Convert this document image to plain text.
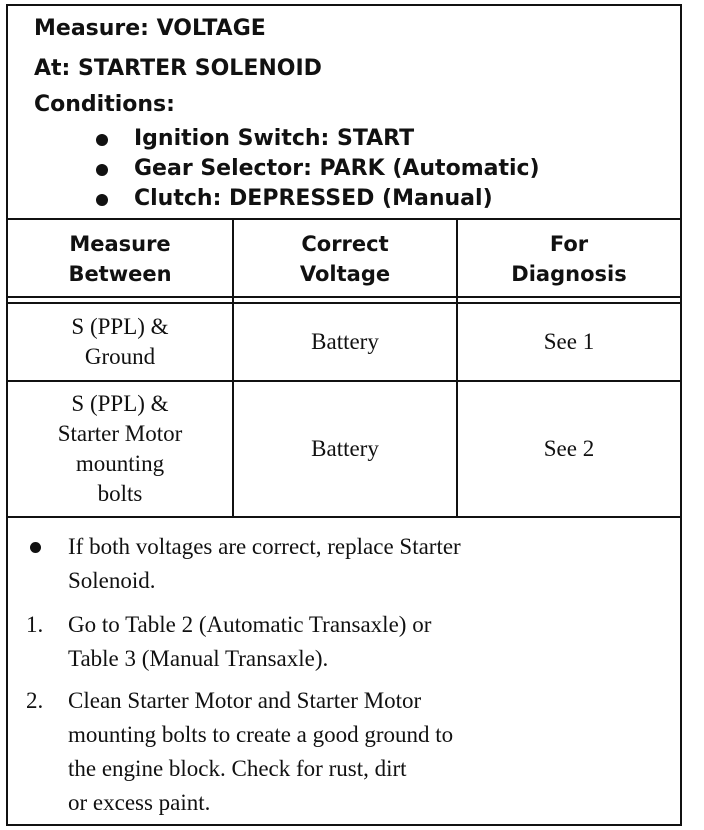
Measure: VOLTAGE
At: STARTER SOLENOID
Conditions:
Ignition Switch: START
Gear Selector: PARK (Automatic)
Clutch: DEPRESSED (Manual)
Measure
Between
Correct
Voltage
For
Diagnosis
S (PPL) &
Ground
Battery	See 1
S (PPL) &
Starter Motor
mounting
bolts
Battery	See 2
If both voltages are correct, replace Starter
Solenoid.
1. Go to Table 2 (Automatic Transaxle) or
Table 3 (Manual Transaxle).
2. Clean Starter Motor and Starter Motor
mounting bolts to create a good ground to
the engine block. Check for rust, dirt
or excess paint.
